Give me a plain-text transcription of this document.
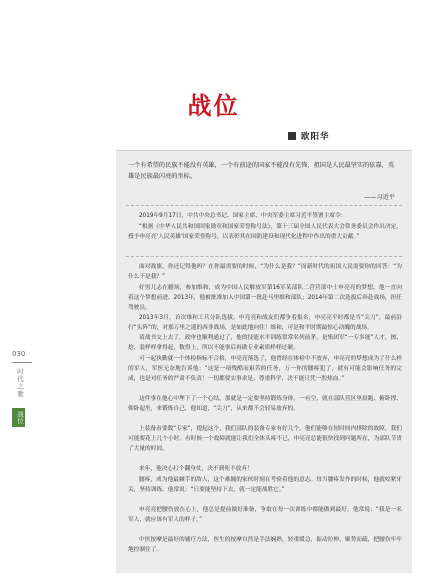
战位
欧阳华
一个有希望的民族不能没有英雄，一个有前途的国家不能没有先锋，祖国是人民最坚实的依靠，英雄是民族最闪亮的坐标。
——习近平
2019年9月17日，中共中央总书记、国家主席、中央军委主席习近平签署主席令：
“根据《中华人民共和国国家勋章和国家荣誉称号法》，第十三届全国人民代表大会常务委员会作出决定，授予申亮亮‘人民英雄’国家荣誉称号，以表彰其在国防建设和现代化进程中作出的重大贡献。”
面对战旗，你还记得他吗？在你最需要的时候，“为什么是我？”而新时代的祖国人民需要你的回答：“为什么不是我？”
好男儿志在疆场，参加维和，成为中国人民解放军第16军某部队二营营部中士申亮亮的梦想，他一直向着这个梦想前进。2013年，他被批准加入中国第一批赴马里维和部队；2014年第二次选拔后奔赴战场，担任驾驶员。
2013年3月，首次维和工兵分队选拔，申亮亮和战友们都争着报名，申亮亮平时都是当“尖刀”，最前沿打“头阵”的，对那万里之遥的西非战场，是如此地向往！维和，可是和平时期最惊心动魄的战场。
请战书交上去了，政审也顺利通过了，他的技能水平训练常常名列前茅，是集团军“一专多能”人才，擦、挖、装样样拿得起，数得上，所以不能事后再做专业素质样样过硬。
可一起执勤就一个体检指标不合格，申亮亮落选了，他曾经在体检中不放弃，申亮亮的梦想成为了什么样的军人，军医无奈地告诉他：“这是一项残酷而艰苦的任务，万一你的腰疼犯了，就有可能会影响任务的完成，也是对任务的严肃不负责！一切都要实事求是，尊重科学，决不能只凭一腔热血。”
这件事在他心中埋下了一个心结，那就是一定要坚持锻炼身体。一有空，就在部队营区里晨跑、俯卧撑、仰卧起坐，来锻炼自己，他知道，“尖刀”，从来都不会轻易放弃的。
上装备看要数“专家”，提起这个，我们部队的装备专家有好几个，他们能够在短时间内排除的故障，我们可能要花上几个小时。有时候一个故障就能让我们全体头疼不已，申亮亮总能很快找到问题所在，为部队节省了大量的时间。
来年，他决心打个翻身仗，决不到死不放弃！
腰疼，成为他最棘手的敌人，这个难缠的家伙时刻在考验着他的意志。每当腰疼发作的时候，他就咬紧牙关，坚持训练。他常说：“只要能坚持下去，就一定能战胜它。”
申亮亮把腰伤放在心上，他总是提前做好准备，争取在每一次训练中都能做到最好。他常说：“我是一名军人，就应该有军人的样子。”
中医按摩是最好的辅疗方法，医生的按摩自然是手法娴熟，轻重缓急，振动拉伸，顺势而疏，把腰伤牢牢地控制住了。
030
时代之歌
战位
